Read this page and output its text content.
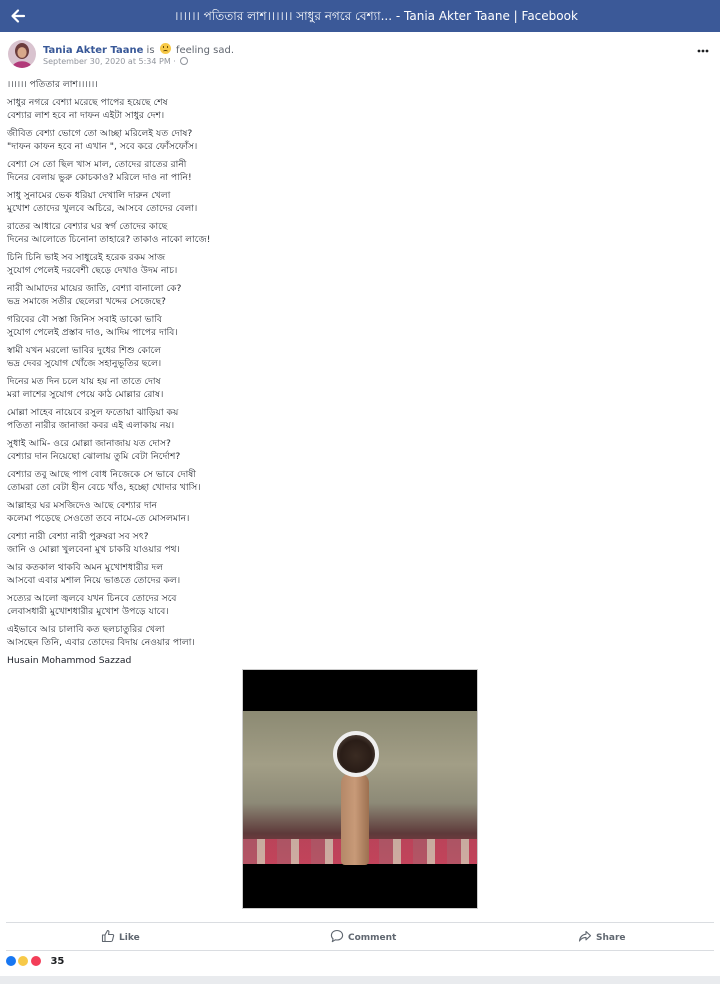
।।।।।। পতিতার লাশ।।।।।। সাধুর নগরে বেশ্যা... - Tania Akter Taane | Facebook
Tania Akter Taane is feeling sad.
September 30, 2020 at 5:34 PM ·

।।।।।। পতিতার লাশ।।।।।।

সাধুর নগরে বেশ্যা মরেছে পাপের হয়েছে শেষ

বেশ্যার লাশ হবে না দাফন এইটা সাধুর দেশ।

জীবিত বেশ্যা ভোগে তো আচ্ছা মরিলেই যত দোষ?

"দাফন কাফন হবে না এখান ", সবে করে ফোঁসফোঁস।

বেশ্যা সে তো ছিল খাস মাল, তোদের রাতের রানী

দিনের বেলায় ভুরু কোচকাও? মরিলে দাও না পানি!

সাধু সুনামের ভেক ধরিয়া দেখালি দারুন খেলা

মুখোশ তোদের খুলবে অচিরে, আসবে তোদের বেলা।

রাতের আধারে বেশ্যার ঘর স্বর্গ তোদের কাছে

দিনের আলোতে চিনোনা তাহারে? তাকাও নাকো লাজে!

চিনি চিনি ভাই সব সাধুরেই হরেক রকম সাজ

সুযোগ পেলেই দরবেশী ছেড়ে দেখাও উদম নাচ।

নারী আমাদের মায়ের জাতি, বেশ্যা বানালো কে?

ভদ্র সমাজে সতীর ছেলেরা খদ্দের সেজেছে?

গরিবের বৌ সস্তা জিনিস সবাই ডাকো ভাবি

সুযোগ পেলেই প্রস্তাব দাও, আদিম পাপের দাবি।

স্বামী যখন মরলো ভাবির দুধের শিশু কোলে

ভদ্র দেবর সুযোগ খোঁজে সহানুভূতির ছলে।

দিনের মত দিন চলে যায় হয় না তাতে দোষ

মরা লাশের সুযোগ পেয়ে কাঠ মোল্লার রোষ।

মোল্লা সাহেব নায়েবে রসুল ফতোয়া ঝাড়িয়া কয়

পতিতা নারীর জানাজা কবর এই এলাকায় নয়।

সুধাই আমি- ওরে মোল্লা জানাজায় যত দোস?

বেশ্যার দান নিয়েছো ঝোলায় তুমি বেটা নির্দোশ?

বেশ্যার তবু আছে পাপ বোধ নিজেকে সে ভাবে দোষী

তোমরা তো বেটা হীন বেচে খাঁও, হচ্ছো খোদার খাসি।

আল্লাহর ঘর মসজিদেও আছে বেশ্যার দান

কলেমা পড়েছে সেওতো তবে নামে-তে মোসলমান।

বেশ্যা নারী বেশ্যা নারী পুরুষরা সব সৎ?

জানি ও মোল্লা খুলবেনা মুখ চাকরি যাওয়ার পথ।

আর কতকাল থাকবি অমন মুখোশধারীর দল

আসবো এবার মশাল নিয়ে ভাঙতে তোদের কল।

সত্যের আলো জ্বলবে যখন চিনবে তোদের সবে

লেবাসধারী মুখোশধারীর মুখোশ উপড়ে যাবে।

এইভাবে আর চালাবি কত ছলচাতুরির খেলা

আসছেন তিনি, এবার তোদের বিদায় নেওয়ার পালা।

Husain Mohammod Sazzad

Like	Comment	Share
35
